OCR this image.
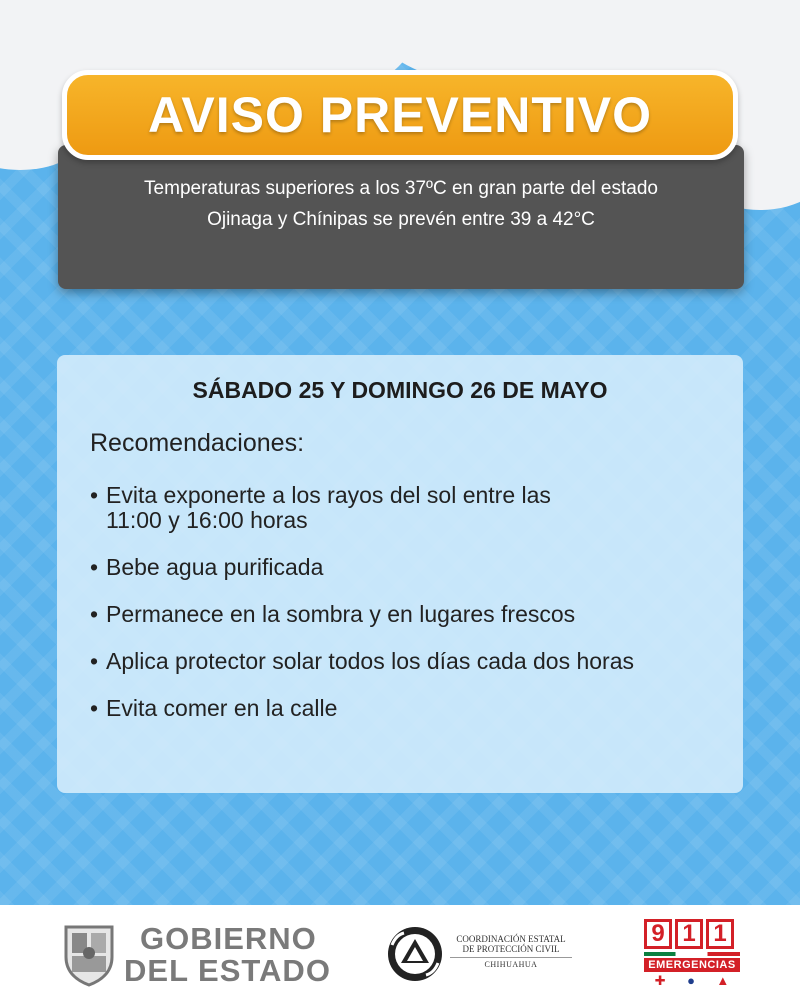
Temperaturas superiores a los 37ºC en gran parte del estado
Ojinaga y Chínipas se prevén entre 39 a 42°C
AVISO PREVENTIVO
SÁBADO 25 Y DOMINGO 26 DE MAYO
Recomendaciones:
• Evita exponerte a los rayos del sol entre las
11:00 y 16:00 horas
• Bebe agua purificada
• Permanece en la sombra y en lugares frescos
• Aplica protector solar todos los días cada dos horas
• Evita comer en la calle
GOBIERNO
DEL ESTADO
COORDINACIÓN ESTATAL DE PROTECCIÓN CIVIL
CHIHUAHUA
9 1 1
EMERGENCIAS
✚ ● ▲
